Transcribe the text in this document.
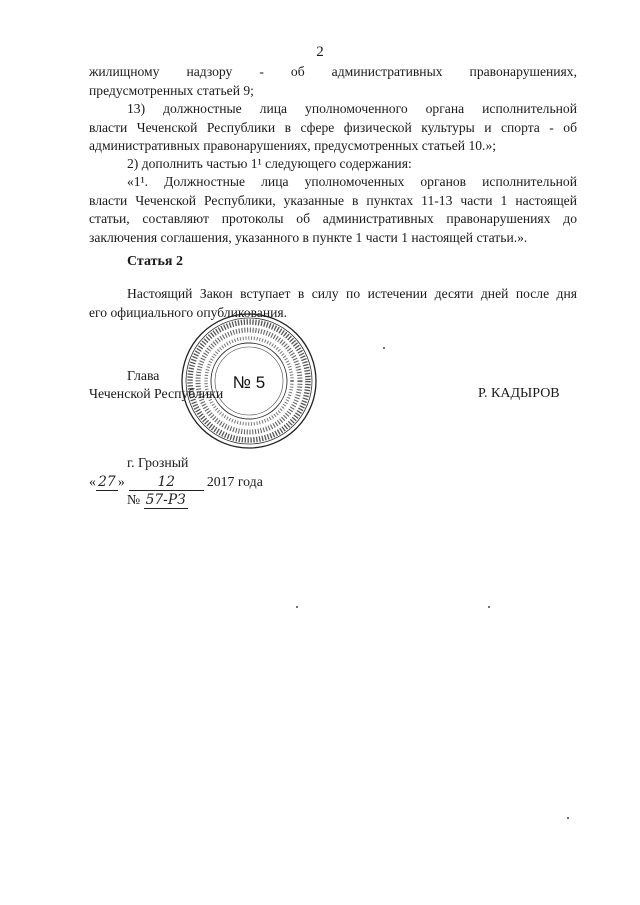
2
жилищному надзору - об административных правонарушениях,
предусмотренных статьей 9;
13) должностные лица уполномоченного органа исполнительной
власти Чеченской Республики в сфере физической культуры и спорта - об
административных правонарушениях, предусмотренных статьей 10.»;
2) дополнить частью 1¹ следующего содержания:
«1¹. Должностные лица уполномоченных органов исполнительной
власти Чеченской Республики, указанные в пунктах 11-13 части 1 настоящей
статьи, составляют протоколы об административных правонарушениях до
заключения соглашения, указанного в пункте 1 части 1 настоящей статьи.».
Статья 2
Настоящий Закон вступает в силу по истечении десяти дней после дня
его официального опубликования.
№ 5
Глава
Чеченской Республики	Р. КАДЫРОВ
г. Грозный
« 27 » 12 2017 года
№ 57-РЗ
